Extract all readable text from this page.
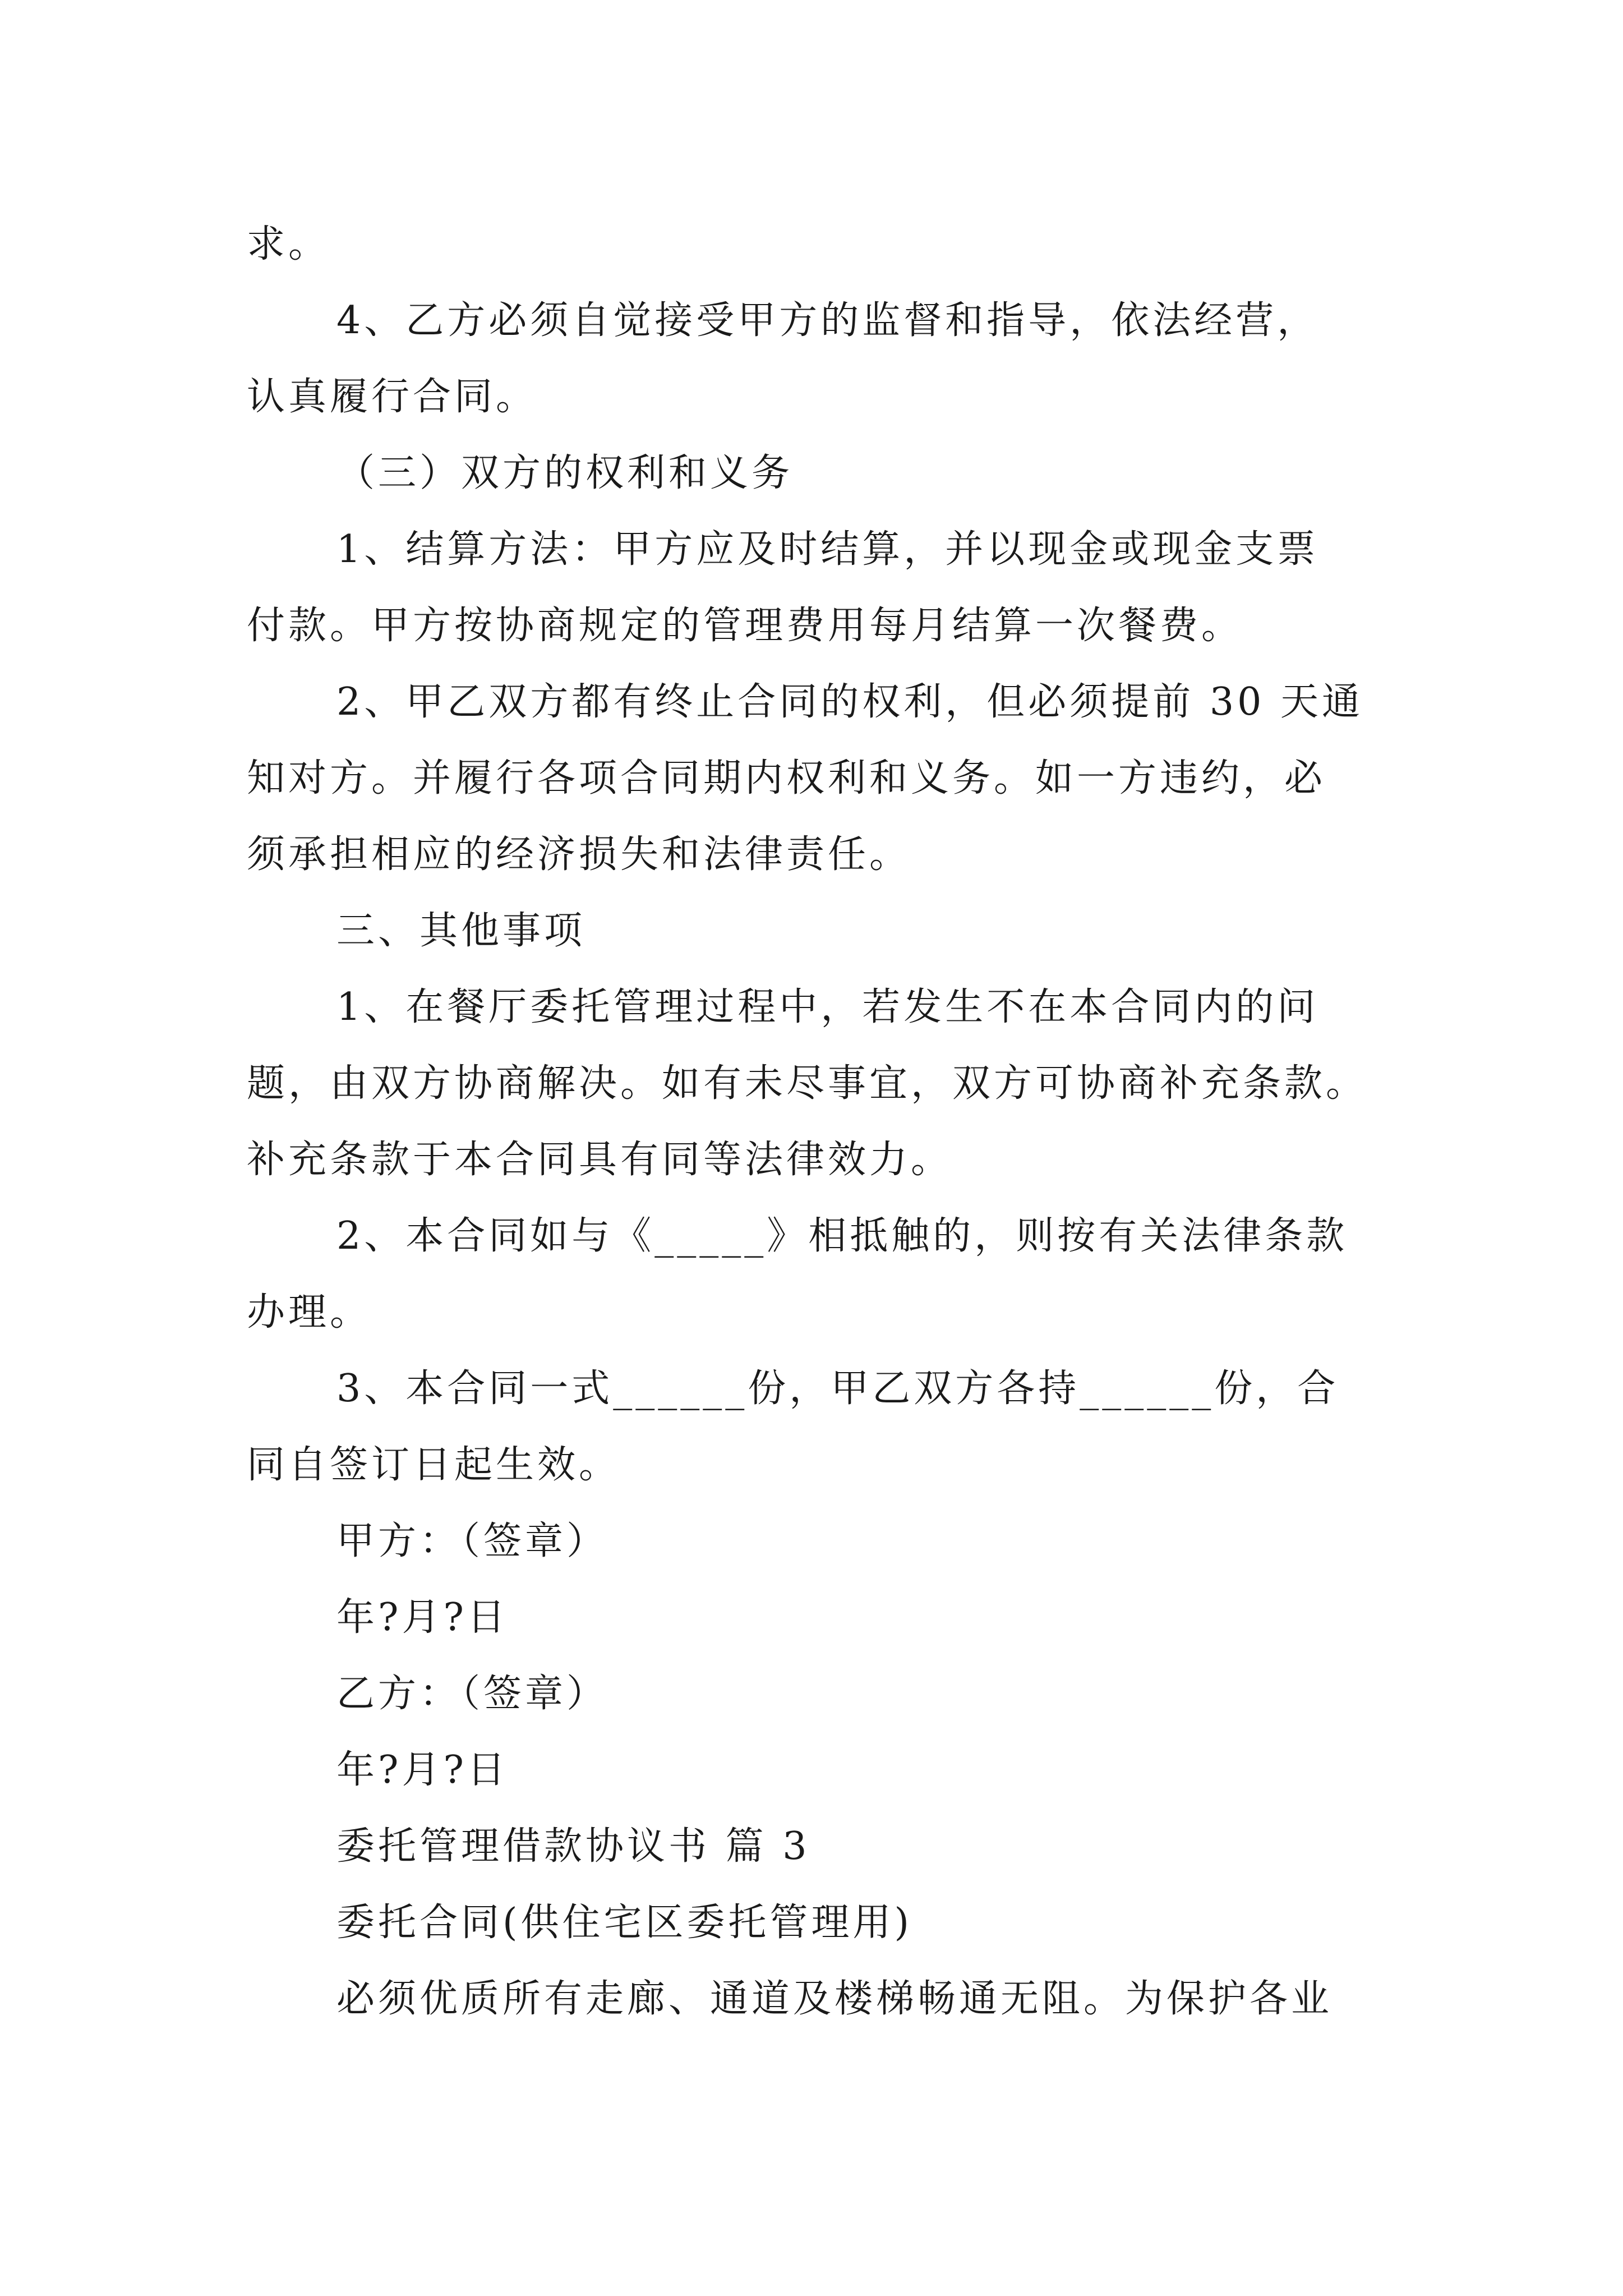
求。
4、乙方必须自觉接受甲方的监督和指导，依法经营，
认真履行合同。
（三）双方的权利和义务
1、结算方法：甲方应及时结算，并以现金或现金支票
付款。甲方按协商规定的管理费用每月结算一次餐费。
2、甲乙双方都有终止合同的权利，但必须提前 30 天通
知对方。并履行各项合同期内权利和义务。如一方违约，必
须承担相应的经济损失和法律责任。
三、其他事项
1、在餐厅委托管理过程中，若发生不在本合同内的问
题，由双方协商解决。如有未尽事宜，双方可协商补充条款。
补充条款于本合同具有同等法律效力。
2、本合同如与《_____》相抵触的，则按有关法律条款
办理。
3、本合同一式______份，甲乙双方各持______份，合
同自签订日起生效。
甲方：（签章）
年?月?日
乙方：（签章）
年?月?日
委托管理借款协议书 篇 3
委托合同(供住宅区委托管理用)
必须优质所有走廊、通道及楼梯畅通无阻。为保护各业
